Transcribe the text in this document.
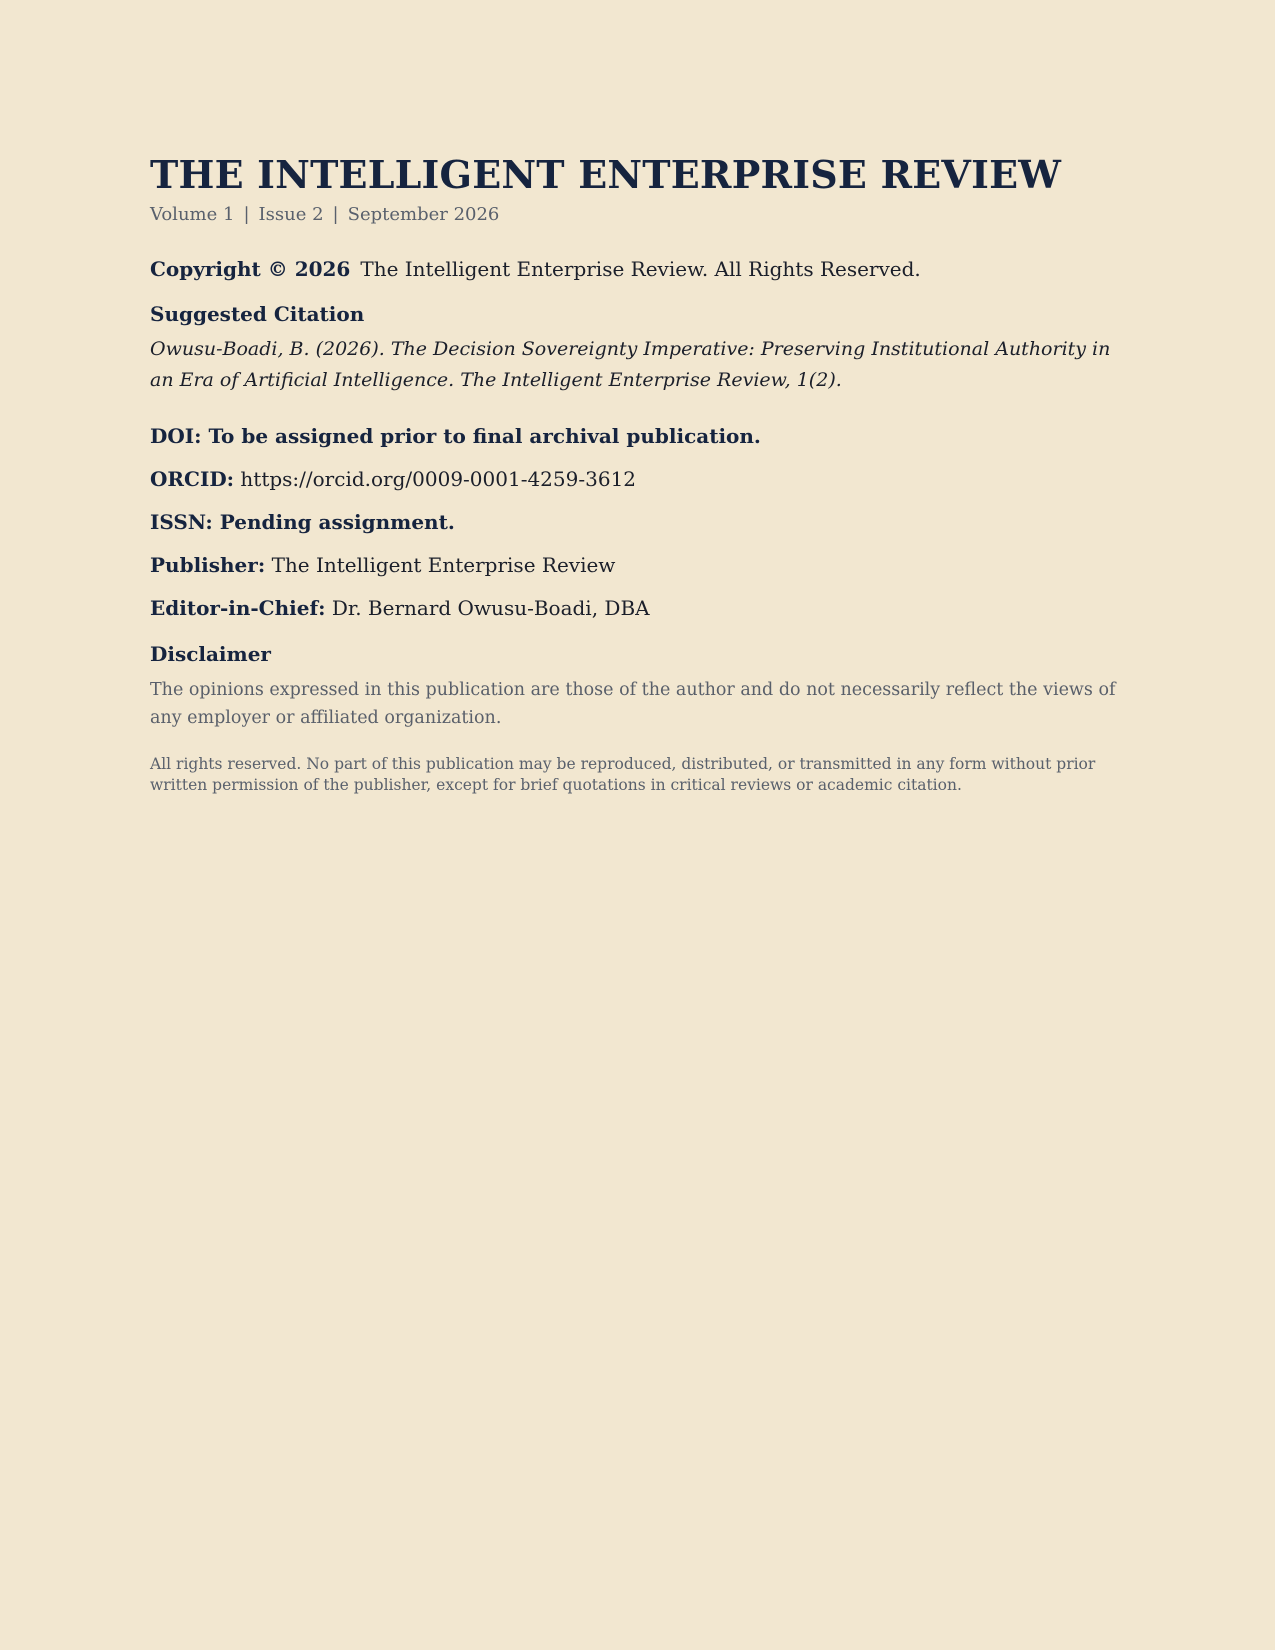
THE INTELLIGENT ENTERPRISE REVIEW
Volume 1 | Issue 2 | September 2026

Copyright © 2026 The Intelligent Enterprise Review. All Rights Reserved.

Suggested Citation

Owusu-Boadi, B. (2026). The Decision Sovereignty Imperative: Preserving Institutional Authority in an Era of Artificial Intelligence. The Intelligent Enterprise Review, 1(2).

DOI: To be assigned prior to final archival publication.

ORCID: https://orcid.org/0009-0001-4259-3612

ISSN: Pending assignment.

Publisher: The Intelligent Enterprise Review

Editor-in-Chief: Dr. Bernard Owusu-Boadi, DBA

Disclaimer

The opinions expressed in this publication are those of the author and do not necessarily reflect the views of any employer or affiliated organization.

All rights reserved. No part of this publication may be reproduced, distributed, or transmitted in any form without prior written permission of the publisher, except for brief quotations in critical reviews or academic citation.
